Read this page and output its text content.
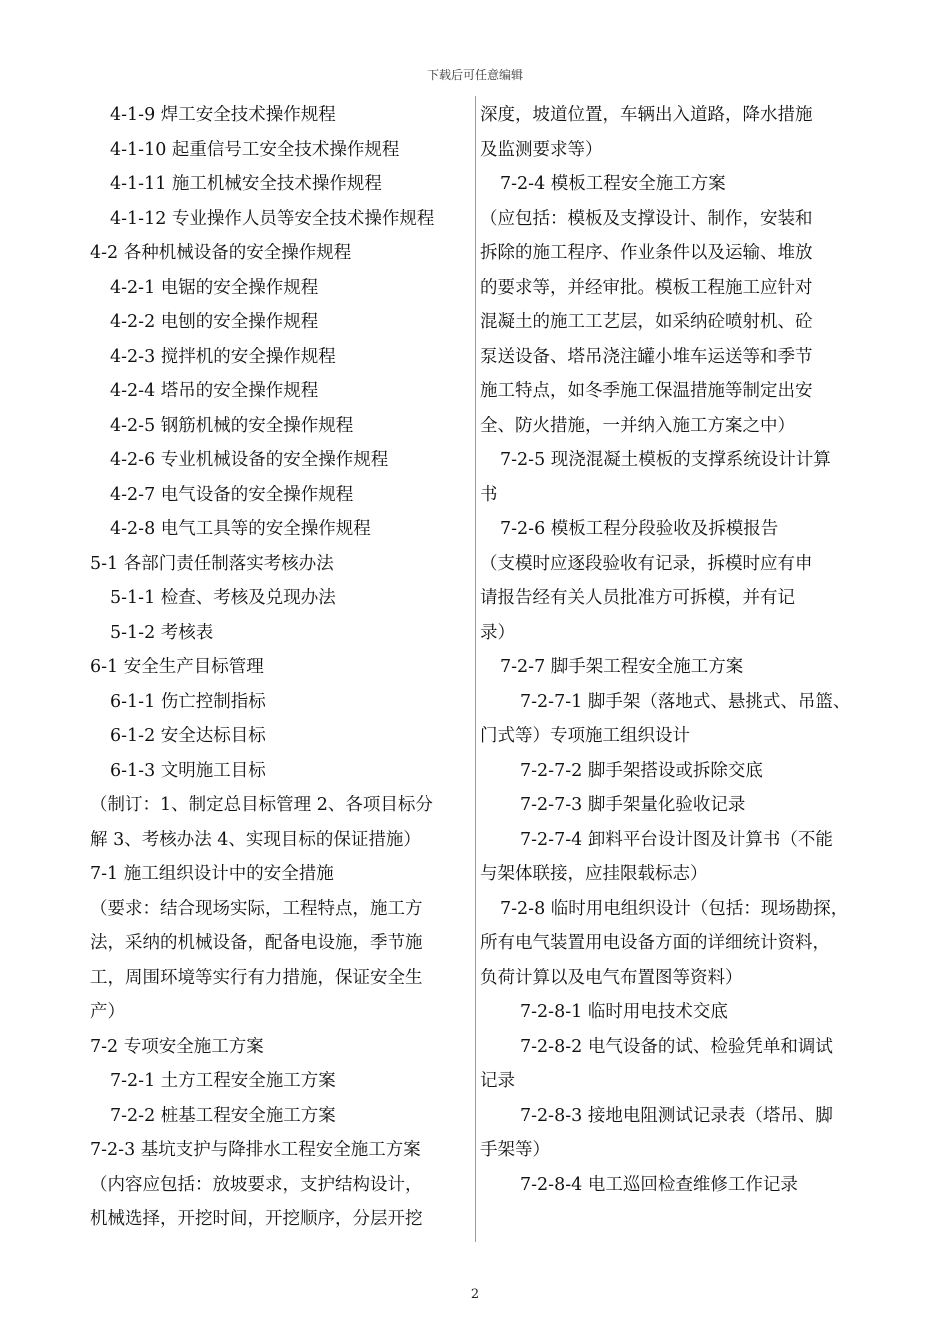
下载后可任意编辑
4-1-9 焊工安全技术操作规程
4-1-10 起重信号工安全技术操作规程
4-1-11 施工机械安全技术操作规程
4-1-12 专业操作人员等安全技术操作规程
4-2 各种机械设备的安全操作规程
4-2-1 电锯的安全操作规程
4-2-2 电刨的安全操作规程
4-2-3 搅拌机的安全操作规程
4-2-4 塔吊的安全操作规程
4-2-5 钢筋机械的安全操作规程
4-2-6 专业机械设备的安全操作规程
4-2-7 电气设备的安全操作规程
4-2-8 电气工具等的安全操作规程
5-1 各部门责任制落实考核办法
5-1-1 检查、考核及兑现办法
5-1-2 考核表
6-1 安全生产目标管理
6-1-1 伤亡控制指标
6-1-2 安全达标目标
6-1-3 文明施工目标
（制订：1、制定总目标管理 2、各项目标分
解 3、考核办法 4、实现目标的保证措施）
7-1 施工组织设计中的安全措施
（要求：结合现场实际，工程特点，施工方
法，采纳的机械设备，配备电设施，季节施
工，周围环境等实行有力措施，保证安全生
产）
7-2 专项安全施工方案
7-2-1 土方工程安全施工方案
7-2-2 桩基工程安全施工方案
7-2-3 基坑支护与降排水工程安全施工方案
（内容应包括：放坡要求，支护结构设计，
机械选择，开挖时间，开挖顺序，分层开挖
深度，坡道位置，车辆出入道路，降水措施
及监测要求等）
7-2-4 模板工程安全施工方案
（应包括：模板及支撑设计、制作，安装和
拆除的施工程序、作业条件以及运输、堆放
的要求等，并经审批。模板工程施工应针对
混凝土的施工工艺层，如采纳砼喷射机、砼
泵送设备、塔吊浇注罐小堆车运送等和季节
施工特点，如冬季施工保温措施等制定出安
全、防火措施，一并纳入施工方案之中）
7-2-5 现浇混凝土模板的支撑系统设计计算
书
7-2-6 模板工程分段验收及拆模报告
（支模时应逐段验收有记录，拆模时应有申
请报告经有关人员批准方可拆模，并有记
录）
7-2-7 脚手架工程安全施工方案
7-2-7-1 脚手架（落地式、悬挑式、吊篮、
门式等）专项施工组织设计
7-2-7-2 脚手架搭设或拆除交底
7-2-7-3 脚手架量化验收记录
7-2-7-4 卸料平台设计图及计算书（不能
与架体联接，应挂限载标志）
7-2-8 临时用电组织设计（包括：现场勘探，
所有电气装置用电设备方面的详细统计资料，
负荷计算以及电气布置图等资料）
7-2-8-1 临时用电技术交底
7-2-8-2 电气设备的试、检验凭单和调试
记录
7-2-8-3 接地电阻测试记录表（塔吊、脚
手架等）
7-2-8-4 电工巡回检查维修工作记录
2
